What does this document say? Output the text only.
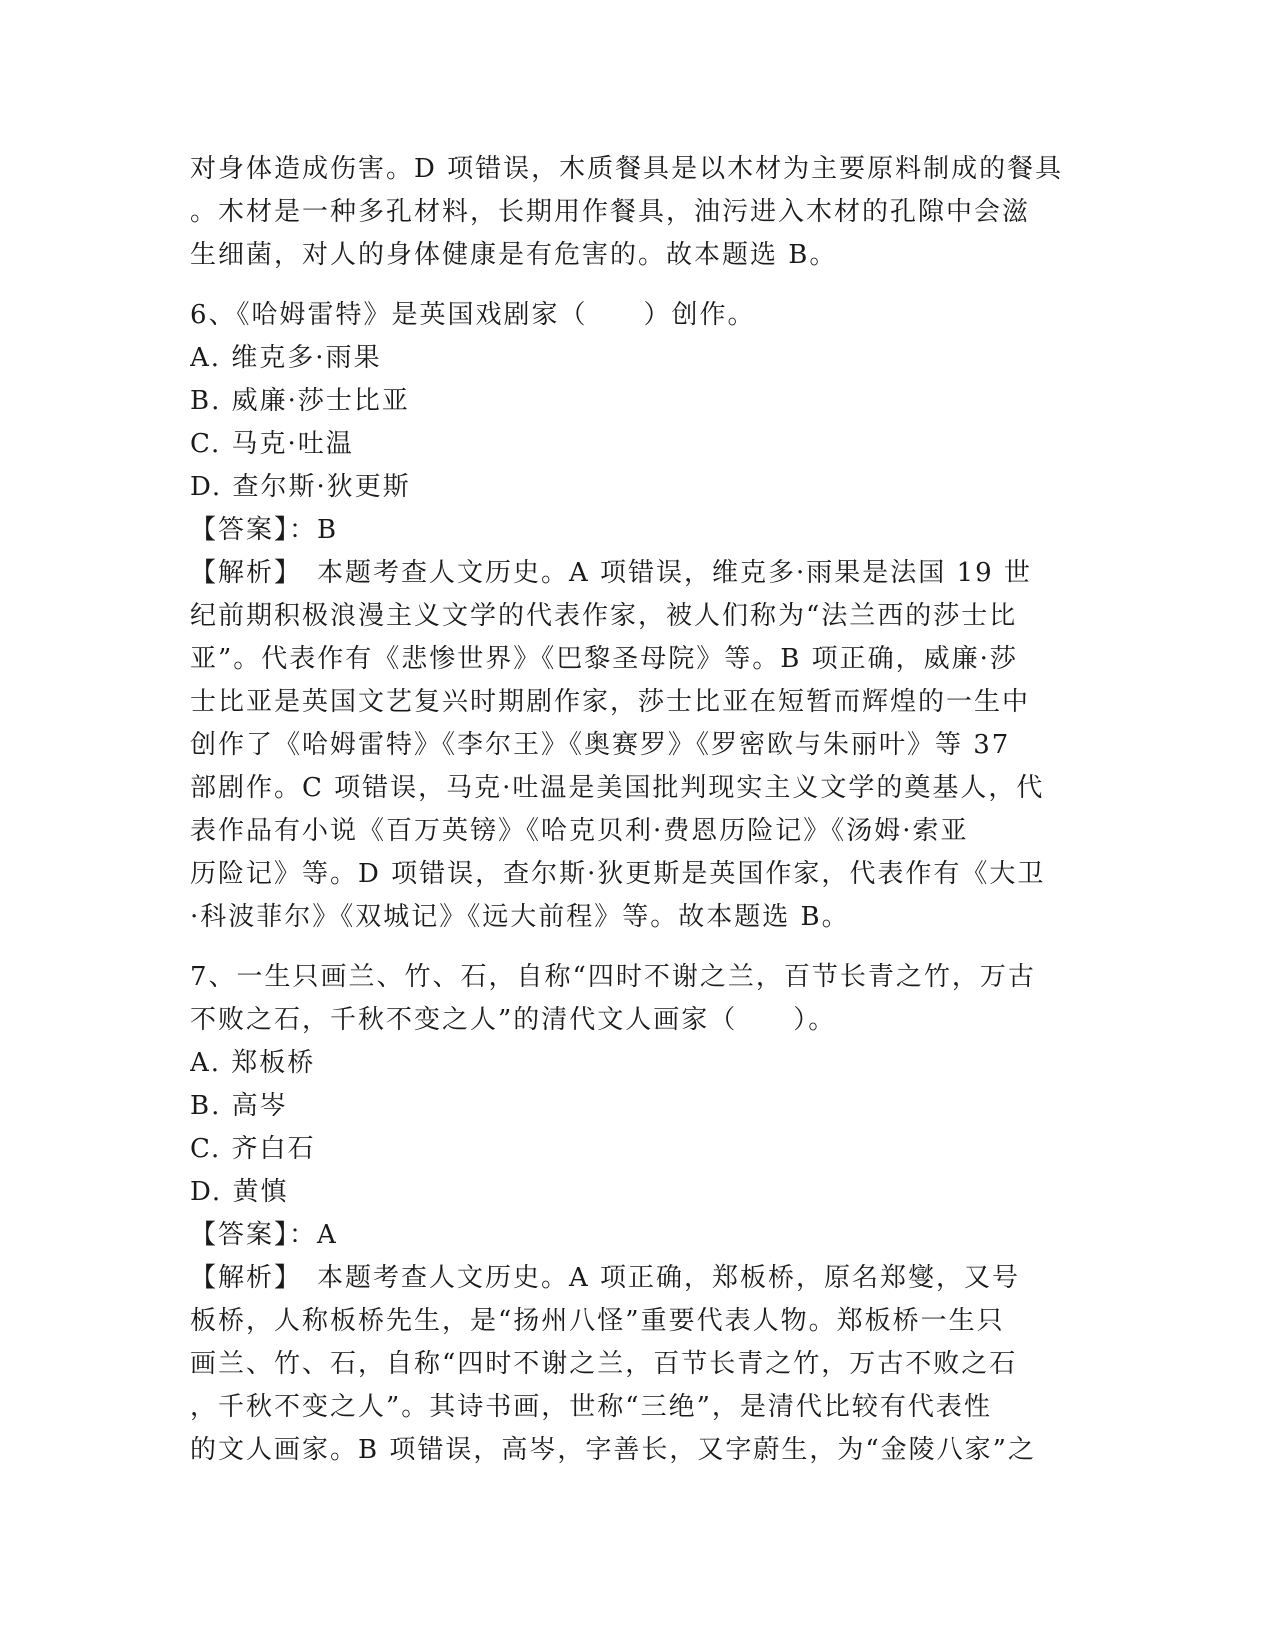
对身体造成伤害。D 项错误，木质餐具是以木材为主要原料制成的餐具
。木材是一种多孔材料，长期用作餐具，油污进入木材的孔隙中会滋
生细菌，对人的身体健康是有危害的。故本题选 B。
6、《哈姆雷特》是英国戏剧家（　　）创作。
A. 维克多·雨果
B. 威廉·莎士比亚
C. 马克·吐温
D. 查尔斯·狄更斯
【答案】：B
【解析】　本题考查人文历史。A 项错误，维克多·雨果是法国 19 世
纪前期积极浪漫主义文学的代表作家，被人们称为“法兰西的莎士比
亚”。代表作有《悲惨世界》《巴黎圣母院》等。B 项正确，威廉·莎
士比亚是英国文艺复兴时期剧作家，莎士比亚在短暂而辉煌的一生中
创作了《哈姆雷特》《李尔王》《奥赛罗》《罗密欧与朱丽叶》等 37
部剧作。C 项错误，马克·吐温是美国批判现实主义文学的奠基人，代
表作品有小说《百万英镑》《哈克贝利·费恩历险记》《汤姆·索亚
历险记》等。D 项错误，查尔斯·狄更斯是英国作家，代表作有《大卫
·科波菲尔》《双城记》《远大前程》等。故本题选 B。
7、一生只画兰、竹、石，自称“四时不谢之兰，百节长青之竹，万古
不败之石，千秋不变之人”的清代文人画家（　　）。
A. 郑板桥
B. 高岑
C. 齐白石
D. 黄慎
【答案】：A
【解析】　本题考查人文历史。A 项正确，郑板桥，原名郑燮，又号
板桥，人称板桥先生，是“扬州八怪”重要代表人物。郑板桥一生只
画兰、竹、石，自称“四时不谢之兰，百节长青之竹，万古不败之石
，千秋不变之人”。其诗书画，世称“三绝”，是清代比较有代表性
的文人画家。B 项错误，高岑，字善长，又字蔚生，为“金陵八家”之
